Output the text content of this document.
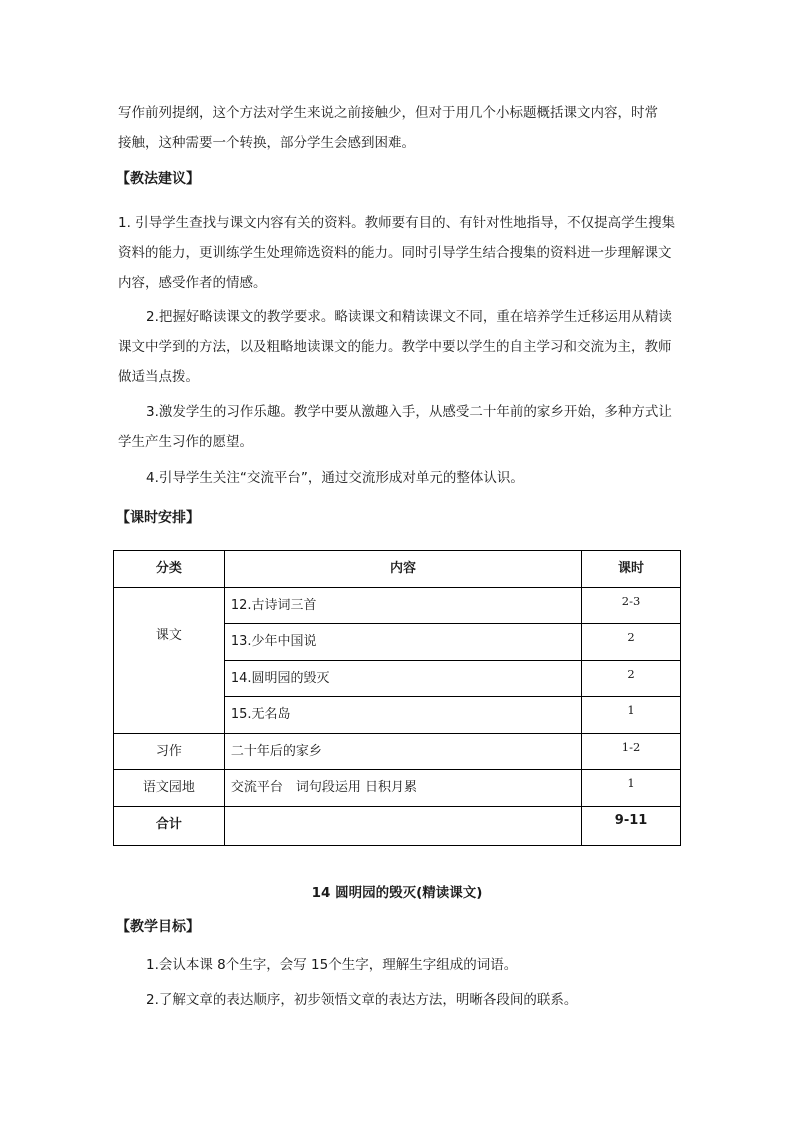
写作前列提纲，这个方法对学生来说之前接触少，但对于用几个小标题概括课文内容，时常

接触，这种需要一个转换，部分学生会感到困难。

【教法建议】

1. 引导学生查找与课文内容有关的资料。教师要有目的、有针对性地指导，不仅提高学生搜集资料的能力，更训练学生处理筛选资料的能力。同时引导学生结合搜集的资料进一步理解课文内容，感受作者的情感。

2.把握好略读课文的教学要求。略读课文和精读课文不同，重在培养学生迁移运用从精读课文中学到的方法，以及粗略地读课文的能力。教学中要以学生的自主学习和交流为主，教师做适当点拨。

3.激发学生的习作乐趣。教学中要从激趣入手，从感受二十年前的家乡开始，多种方式让学生产生习作的愿望。

4.引导学生关注“交流平台”，通过交流形成对单元的整体认识。

【课时安排】

分类	内容	课时
课文	12.古诗词三首	2-3
	13.少年中国说	2
	14.圆明园的毁灭	2
	15.无名岛	1
习作	二十年后的家乡	1-2
语文园地	交流平台　词句段运用 日积月累	1
合计		9-11

14 圆明园的毁灭(精读课文)

【教学目标】

1.会认本课 8个生字，会写 15个生字，理解生字组成的词语。

2.了解文章的表达顺序，初步领悟文章的表达方法，明晰各段间的联系。
